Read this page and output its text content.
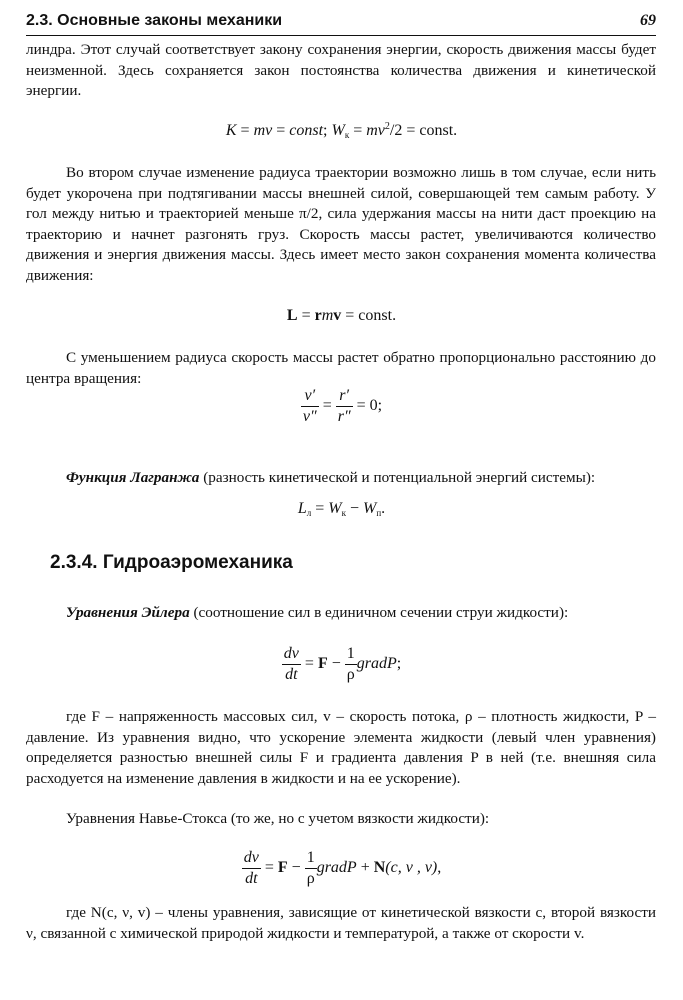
2.3. Основные законы механики	69

линдра. Этот случай соответствует закону сохранения энергии, скорость движения массы будет неизменной. Здесь сохраняется закон постоянства количества движения и кинетической энергии.

K = mv = const; $W_к = mv^2/2$ = const.

Во втором случае изменение радиуса траектории возможно лишь в том случае, если нить будет укорочена при подтягивании массы внешней силой, совершающей тем самым работу. У гол между нитью и траекторией меньше π/2, сила удержания массы на нити даст проекцию на траекторию и начнет разгонять груз. Скорость массы растет, увеличиваются количество движения и энергия движения массы. Здесь имеет место закон сохранения момента количества движения:

L = rmv = const.

С уменьшением радиуса скорость массы растет обратно пропорционально расстоянию до центра вращения:

$\frac{v'}{v''} = \frac{r'}{r''} = 0$;

Функция Лагранжа (разность кинетической и потенциальной энергий системы):

$L_л = W_к - W_п$.
2.3.4. Гидроаэромеханика

Уравнения Эйлера (соотношение сил в единичном сечении струи жидкости):

$\frac{dv}{dt} = F - \frac{1}{\rho}$ gradP;

где F – напряженность массовых сил, v – скорость потока, ρ – плотность жидкости, P – давление. Из уравнения видно, что ускорение элемента жидкости (левый член уравнения) определяется разностью внешней силы F и градиента давления P в ней (т.е. внешняя сила расходуется на изменение давления в жидкости и на ее ускорение).

Уравнения Навье-Стокса (то же, но с учетом вязкости жидкости):

$\frac{dv}{dt} = F - \frac{1}{\rho}$ gradP + N(c, ν , v),

где N(c, ν, v) – члены уравнения, зависящие от кинетической вязкости c, второй вязкости ν, связанной с химической природой жидкости и температурой, а также от скорости v.
